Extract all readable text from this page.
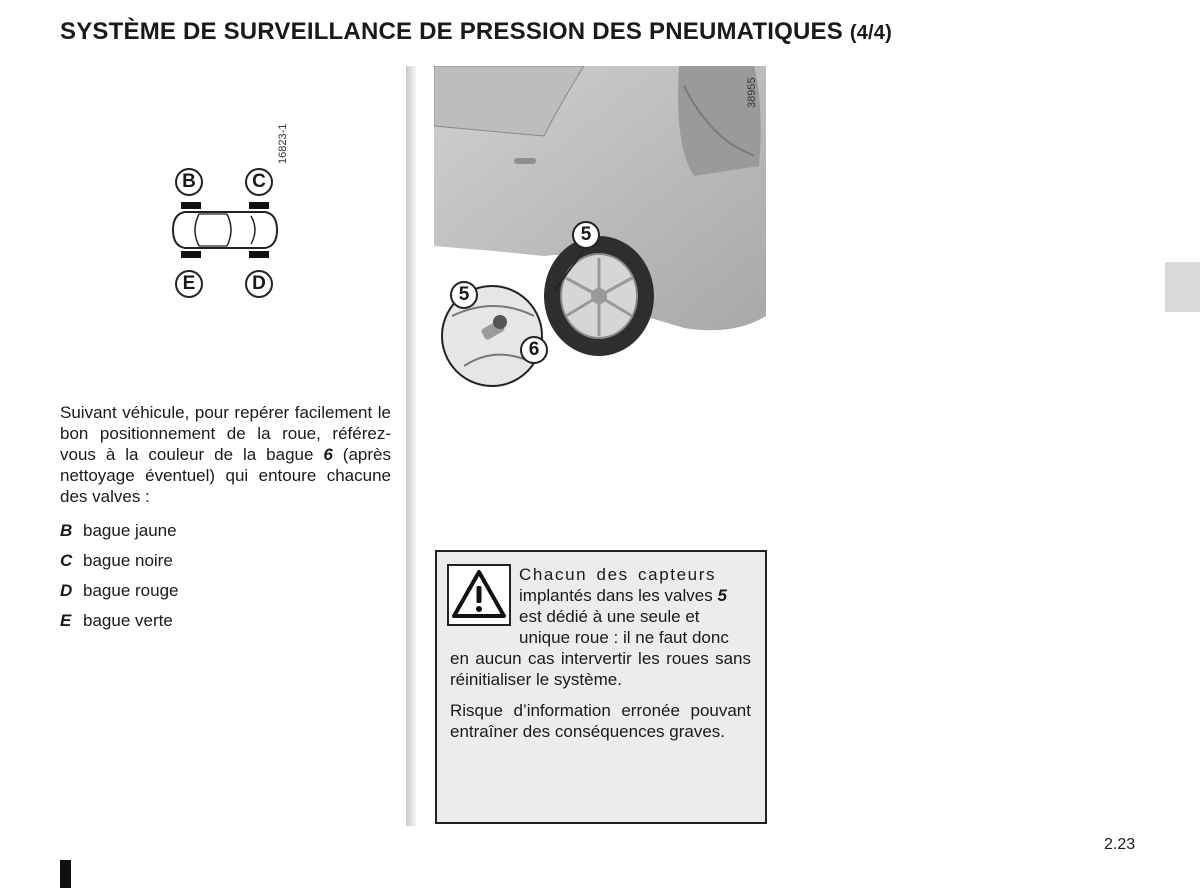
SYSTÈME DE SURVEILLANCE DE PRESSION DES PNEUMATIQUES (4/4)
16823-1
B	C
E	D
38955
5
5
6
Suivant véhicule, pour repérer facilement le bon positionnement de la roue, référez-vous à la couleur de la bague 6 (après nettoyage éventuel) qui entoure chacune des valves :
B bague jaune
C bague noire
D bague rouge
E bague verte
Chacun des capteurs
implantés dans les valves 5
est dédié à une seule et
unique roue : il ne faut donc

en aucun cas intervertir les roues sans réinitialiser le système.

Risque d’information erronée pouvant entraîner des conséquences graves.

2.23
